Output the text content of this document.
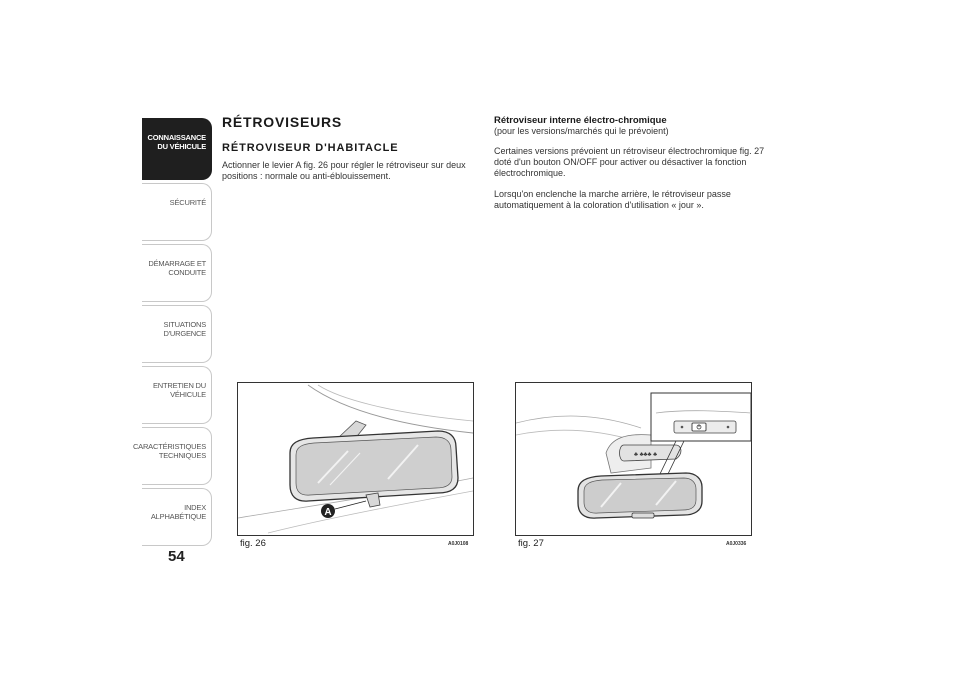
CONNAISSANCE
DU VÉHICULE
SÉCURITÉ
DÉMARRAGE ET
CONDUITE
SITUATIONS
D'URGENCE
ENTRETIEN DU
VÉHICULE
CARACTÉRISTIQUES
TECHNIQUES
INDEX
ALPHABÉTIQUE
54
RÉTROVISEURS
RÉTROVISEUR D'HABITACLE
Actionner le levier A fig. 26 pour régler le rétroviseur sur deux positions : normale ou anti-éblouissement.
Rétroviseur interne électro-chromique
(pour les versions/marchés qui le prévoient)
Certaines versions prévoient un rétroviseur électrochromique fig. 27 doté d'un bouton ON/OFF pour activer ou désactiver la fonction électrochromique.
Lorsqu'on enclenche la marche arrière, le rétroviseur passe automatiquement à la coloration d'utilisation « jour ».
A
fig. 26	A0J0108
♣ ♣♣♣ ♣
fig. 27	A0J0336
